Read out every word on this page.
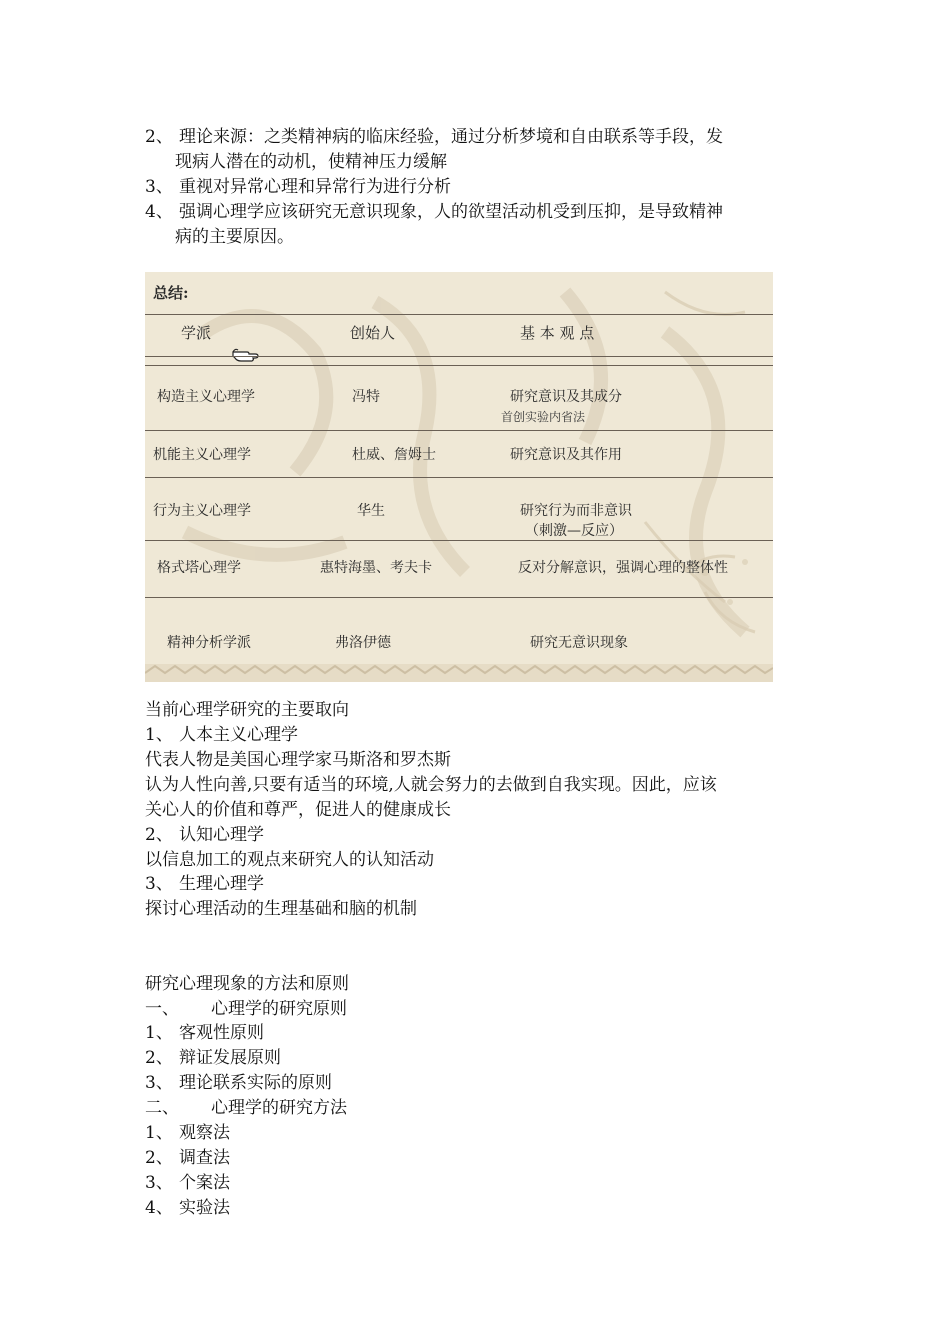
2、 理论来源：之类精神病的临床经验，通过分析梦境和自由联系等手段，发
现病人潜在的动机，使精神压力缓解
3、 重视对异常心理和异常行为进行分析
4、 强调心理学应该研究无意识现象，人的欲望活动机受到压抑，是导致精神
病的主要原因。
总结:
学派	创始人	基 本 观 点
构造主义心理学	冯特	研究意识及其成分
首创实验内省法
机能主义心理学	杜威、詹姆士	研究意识及其作用
行为主义心理学	华生	研究行为而非意识
（刺激—反应）
格式塔心理学	惠特海墨、考夫卡	反对分解意识，强调心理的整体性
精神分析学派	弗洛伊德	研究无意识现象
当前心理学研究的主要取向
1、 人本主义心理学
代表人物是美国心理学家马斯洛和罗杰斯
认为人性向善,只要有适当的环境,人就会努力的去做到自我实现。因此，应该
关心人的价值和尊严，促进人的健康成长
2、 认知心理学
以信息加工的观点来研究人的认知活动
3、 生理心理学
探讨心理活动的生理基础和脑的机制
研究心理现象的方法和原则
一、 心理学的研究原则
1、 客观性原则
2、 辩证发展原则
3、 理论联系实际的原则
二、 心理学的研究方法
1、 观察法
2、 调查法
3、 个案法
4、 实验法
